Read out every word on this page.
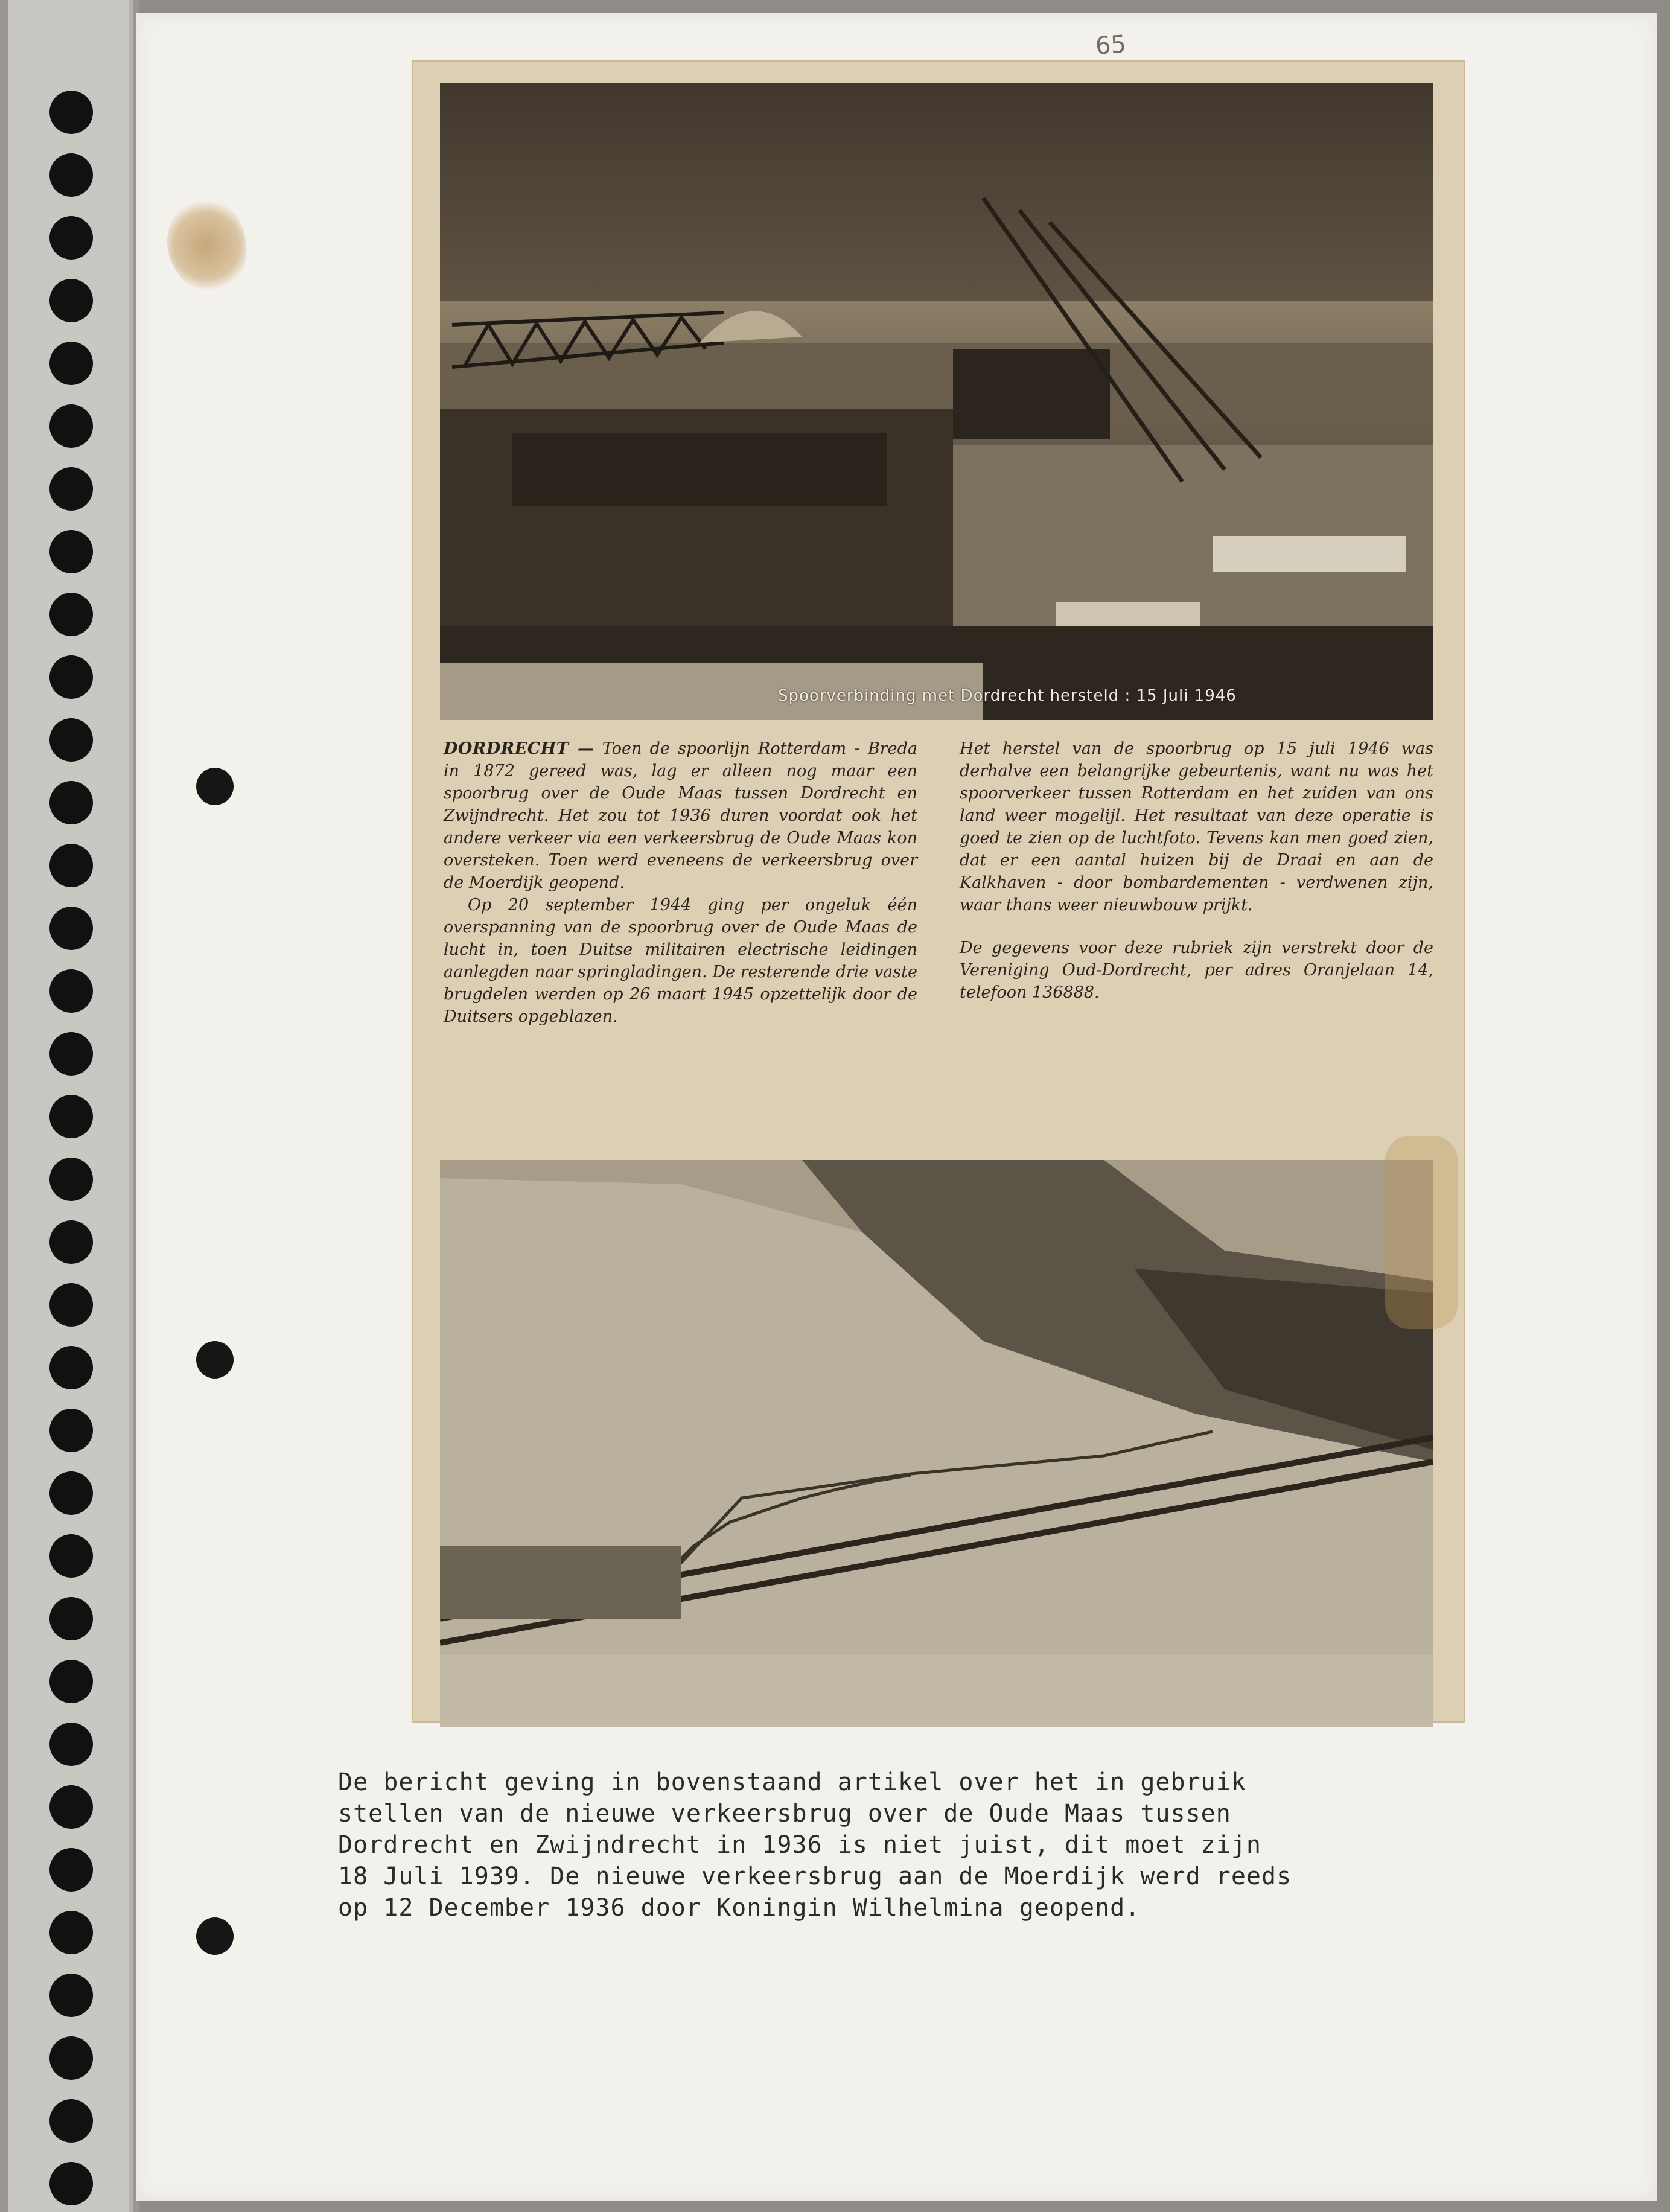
65
Spoorverbinding met Dordrecht hersteld : 15 Juli 1946

DORDRECHT — Toen de spoorlijn Rotterdam - Breda in 1872 gereed was, lag er alleen nog maar een spoorbrug over de Oude Maas tussen Dordrecht en Zwijndrecht. Het zou tot 1936 duren voordat ook het andere verkeer via een verkeersbrug de Oude Maas kon oversteken. Toen werd eveneens de verkeersbrug over de Moerdijk geopend.

Op 20 september 1944 ging per ongeluk één overspanning van de spoorbrug over de Oude Maas de lucht in, toen Duitse militairen electrische leidingen aanlegden naar springladingen. De resterende drie vaste brugdelen werden op 26 maart 1945 opzettelijk door de Duitsers opgeblazen.

Het herstel van de spoorbrug op 15 juli 1946 was derhalve een belangrijke gebeurtenis, want nu was het spoorverkeer tussen Rotterdam en het zuiden van ons land weer mogelijl. Het resultaat van deze operatie is goed te zien op de luchtfoto. Tevens kan men goed zien, dat er een aantal huizen bij de Draai en aan de Kalkhaven - door bombardementen - verdwenen zijn, waar thans weer nieuwbouw prijkt.

De gegevens voor deze rubriek zijn verstrekt door de Vereniging Oud-Dordrecht, per adres Oranjelaan 14, telefoon 136888.

De bericht geving in bovenstaand artikel over het in gebruik
stellen van de nieuwe verkeersbrug over de Oude Maas tussen
Dordrecht en Zwijndrecht in 1936 is niet juist, dit moet zijn
18 Juli 1939. De nieuwe verkeersbrug aan de Moerdijk werd reeds
op 12 December 1936 door Koningin Wilhelmina geopend.
